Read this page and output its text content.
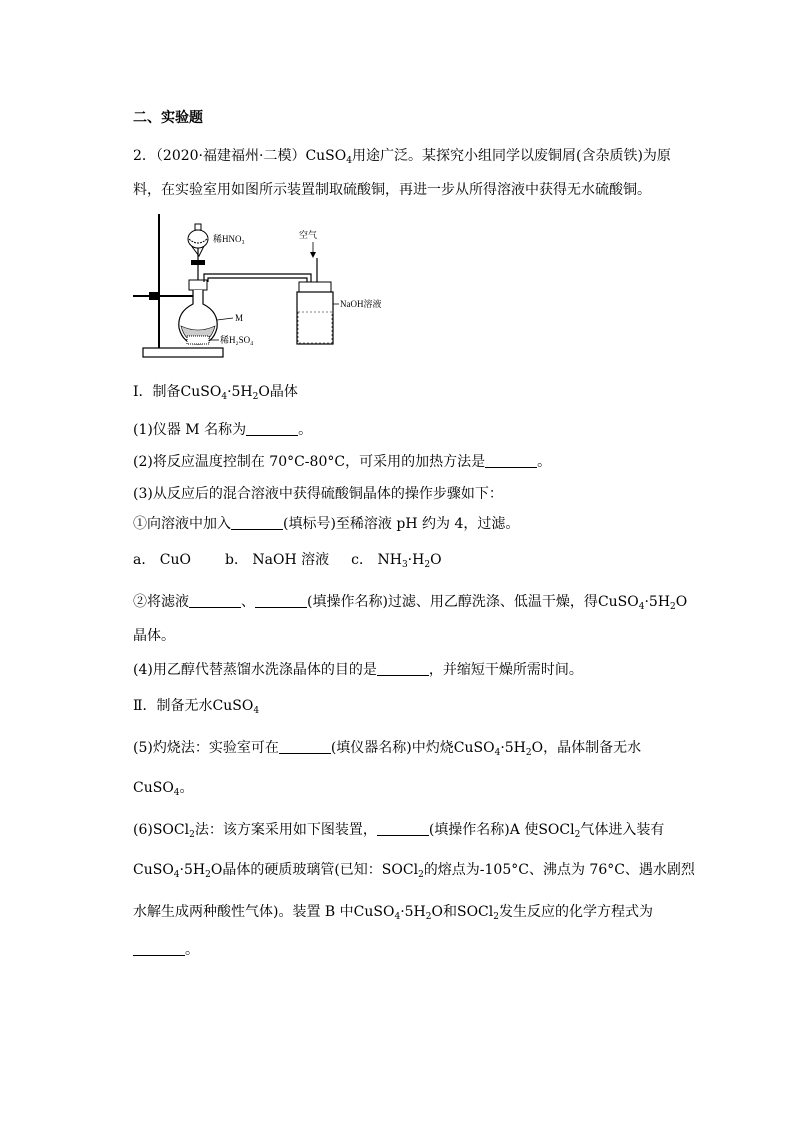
二、实验题
2．（2020·福建福州·二模）CuSO$_4$用途广泛。某探究小组同学以废铜屑(含杂质铁)为原
料，在实验室用如图所示装置制取硫酸铜，再进一步从所得溶液中获得无水硫酸铜。
稀HNO₃
M
稀H₂SO₄
空气
NaOH溶液
Ⅰ．制备$CuSO_4\cdot 5H_2O$晶体
(1)仪器 M 名称为	。
(2)将反应温度控制在 70°C-80°C，可采用的加热方法是	。
(3)从反应后的混合溶液中获得硫酸铜晶体的操作步骤如下：
①向溶液中加入	(填标号)至稀溶液 pH 约为 4，过滤。
a． CuO b． NaOH 溶液 c． $NH_3\cdot H_2O$
②将滤液	、	(填操作名称)过滤、用乙醇洗涤、低温干燥，得$CuSO_4\cdot 5H_2O$
晶体。
(4)用乙醇代替蒸馏水洗涤晶体的目的是	，并缩短干燥所需时间。
Ⅱ．制备无水CuSO$_4$
(5)灼烧法：实验室可在	(填仪器名称)中灼烧$CuSO_4\cdot 5H_2O$，晶体制备无水
CuSO$_4$。
(6)SOCl$_2$法：该方案采用如下图装置，	(填操作名称)A 使SOCl$_2$气体进入装有
$CuSO_4\cdot 5H_2O$晶体的硬质玻璃管(已知：SOCl$_2$的熔点为-105°C、沸点为 76°C、遇水剧烈
水解生成两种酸性气体)。装置 B 中$CuSO_4\cdot 5H_2O$和SOCl$_2$发生反应的化学方程式为
。
